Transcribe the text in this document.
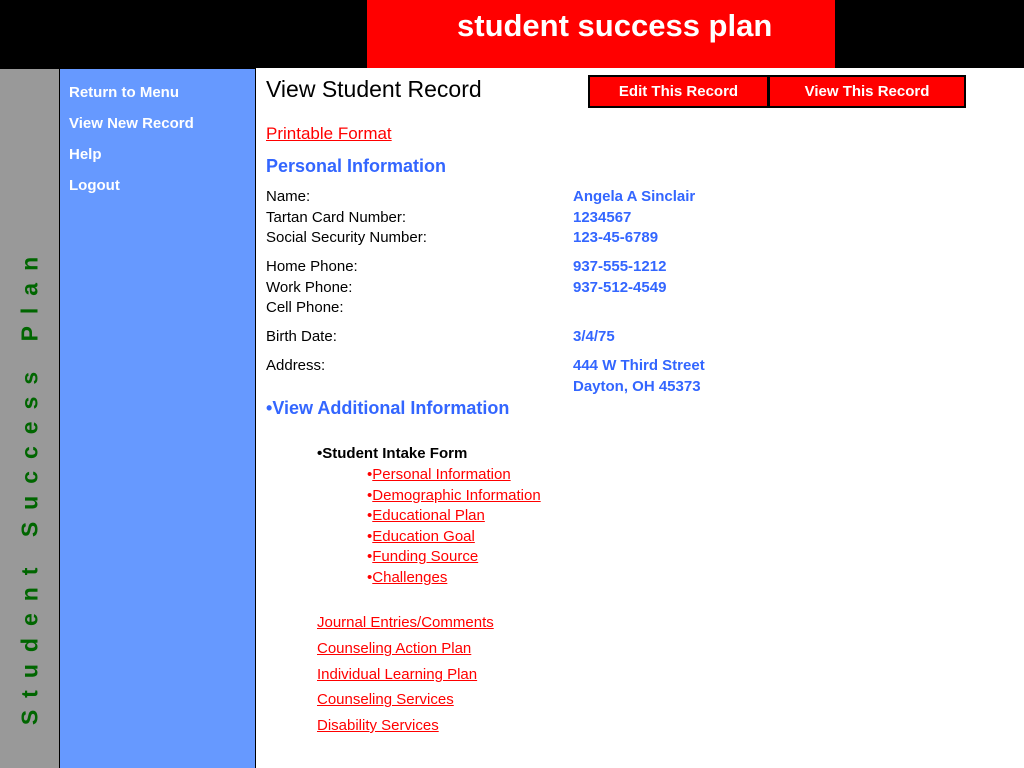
student success plan
Student Success Plan
Return to Menu
View New Record
Help
Logout
View Student Record	Edit This Record	View This Record
Printable Format
Personal Information
Name:	Angela A Sinclair
Tartan Card Number:	1234567
Social Security Number:	123-45-6789
Home Phone:	937-555-1212
Work Phone:	937-512-4549
Cell Phone:
Birth Date:	3/4/75
Address:	444 W Third Street
Dayton, OH 45373
•View Additional Information
•Student Intake Form
•Personal Information
•Demographic Information
•Educational Plan
•Education Goal
•Funding Source
•Challenges
Journal Entries/Comments
Counseling Action Plan
Individual Learning Plan
Counseling Services
Disability Services
